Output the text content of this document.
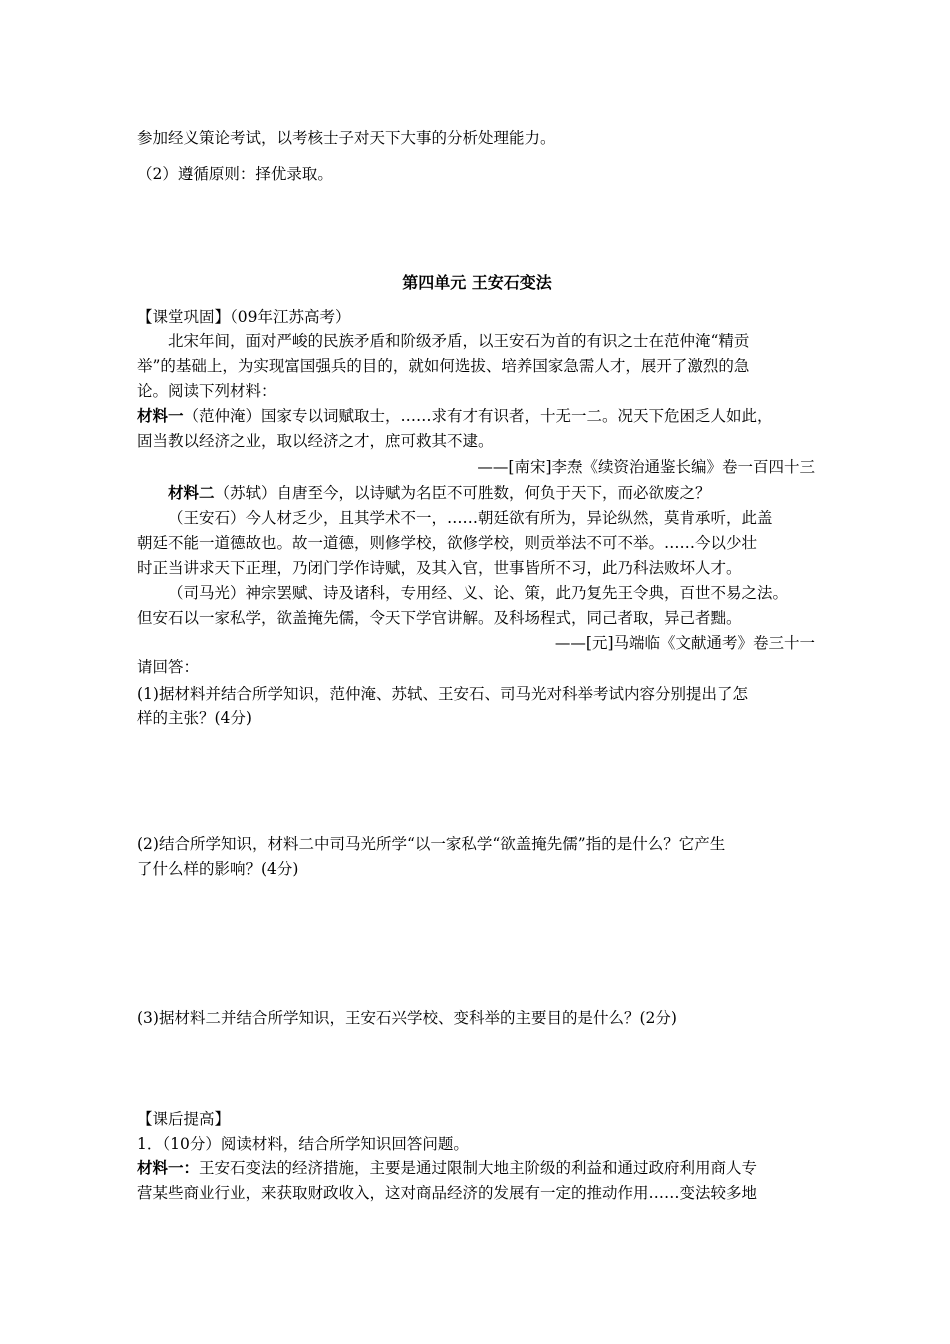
参加经义策论考试，以考核士子对天下大事的分析处理能力。
（2）遵循原则：择优录取。
第四单元 王安石变法
【课堂巩固】（09年江苏高考）
北宋年间，面对严峻的民族矛盾和阶级矛盾，以王安石为首的有识之士在范仲淹“精贡
举”的基础上，为实现富国强兵的目的，就如何选拔、培养国家急需人才，展开了激烈的急
论。阅读下列材料：
材料一（范仲淹）国家专以词赋取士，……求有才有识者，十无一二。况天下危困乏人如此，
固当教以经济之业，取以经济之才，庶可救其不逮。
——[南宋]李焘《续资治通鉴长编》卷一百四十三
材料二（苏轼）自唐至今，以诗赋为名臣不可胜数，何负于天下，而必欲废之？
（王安石）今人材乏少，且其学术不一，……朝廷欲有所为，异论纵然，莫肯承听，此盖
朝廷不能一道德故也。故一道德，则修学校，欲修学校，则贡举法不可不举。……今以少壮
时正当讲求天下正理，乃闭门学作诗赋，及其入官，世事皆所不习，此乃科法败坏人才。
（司马光）神宗罢赋、诗及诸科，专用经、义、论、策，此乃复先王令典，百世不易之法。
但安石以一家私学，欲盖掩先儒，令天下学官讲解。及科场程式，同己者取，异己者黜。
——[元]马端临《文献通考》卷三十一
请回答：
(1)据材料并结合所学知识，范仲淹、苏轼、王安石、司马光对科举考试内容分别提出了怎
样的主张？(4分)
(2)结合所学知识，材料二中司马光所学“以一家私学“欲盖掩先儒”指的是什么？它产生
了什么样的影响？(4分)
(3)据材料二并结合所学知识，王安石兴学校、变科举的主要目的是什么？(2分)
【课后提高】
1．（10分）阅读材料，结合所学知识回答问题。
材料一：王安石变法的经济措施，主要是通过限制大地主阶级的利益和通过政府利用商人专
营某些商业行业，来获取财政收入，这对商品经济的发展有一定的推动作用……变法较多地
